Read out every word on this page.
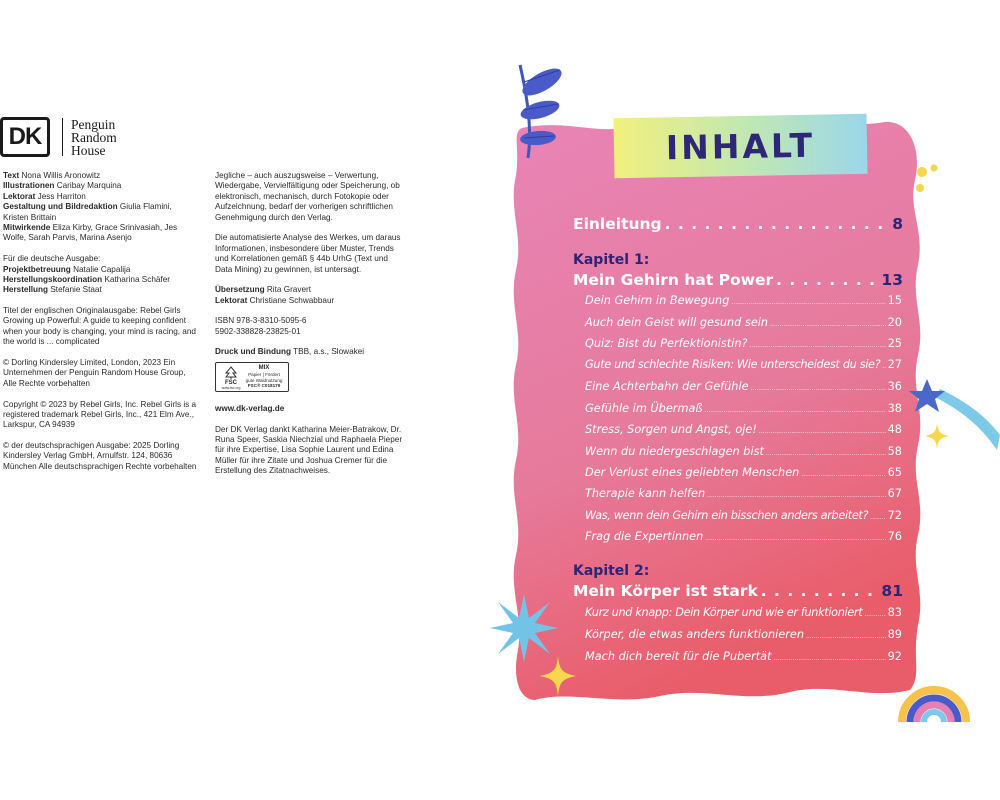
DK	Penguin
Random
House

Text Nona Willis Aronowitz
Illustrationen Caribay Marquina
Lektorat Jess Harriton
Gestaltung und Bildredaktion Giulia Flamini, Kristen Brittain
Mitwirkende Eliza Kirby, Grace Srinivasiah, Jes Wolfe, Sarah Parvis, Marina Asenjo

Für die deutsche Ausgabe:
Projektbetreuung Natalie Capalija
Herstellungskoordination Katharina Schäfer
Herstellung Stefanie Staat

Titel der englischen Originalausgabe: Rebel Girls Growing up Powerful: A guide to keeping confident when your body is changing, your mind is racing, and the world is ... complicated

© Dorling Kindersley Limited, London, 2023 Ein Unternehmen der Penguin Random House Group, Alle Rechte vorbehalten

Copyright © 2023 by Rebel Girls, Inc. Rebel Girls is a registered trademark Rebel Girls, Inc., 421 Elm Ave., Larkspur, CA 94939

© der deutschsprachigen Ausgabe: 2025 Dorling Kindersley Verlag GmbH, Arnulfstr. 124, 80636 München Alle deutschsprachigen Rechte vorbehalten

Jegliche – auch auszugsweise – Verwertung, Wiedergabe, Vervielfältigung oder Speicherung, ob elektronisch, mechanisch, durch Fotokopie oder Aufzeichnung, bedarf der vorherigen schriftlichen Genehmigung durch den Verlag.

Die automatisierte Analyse des Werkes, um daraus Informationen, insbesondere über Muster, Trends und Korrelationen gemäß § 44b UrhG (Text und Data Mining) zu gewinnen, ist untersagt.

Übersetzung Rita Gravert
Lektorat Christiane Schwabbaur

ISBN 978-3-8310-5095-6
5902-338828-23825-01

Druck und Bindung TBB, a.s., Slowakei

FSC
www.fsc.org
MIX
Papier | Fördert
gute Waldnutzung
FSC® C018179

www.dk-verlag.de

Der DK Verlag dankt Katharina Meier-Batrakow, Dr. Runa Speer, Saskia Niechzial und Raphaela Pieper für ihre Expertise, Lisa Sophie Laurent und Edina Müller für ihre Zitate und Joshua Cremer für die Erstellung des Zitatnachweises.

INHALT
Einleitung . . .	8
Kapitel 1:
Mein Gehirn hat Power . . .	13
Dein Gehirn in Bewegung .....	15
Auch dein Geist will gesund sein .....	20
Quiz: Bist du Perfektionistin? .....	25
Gute und schlechte Risiken: Wie unterscheidest du sie? ..... 27
Eine Achterbahn der Gefühle .....	36
Gefühle im Übermaß .....	38
Stress, Sorgen und Angst, oje! .....	48
Wenn du niedergeschlagen bist .....	58
Der Verlust eines geliebten Menschen .....	65
Therapie kann helfen .....	67
Was, wenn dein Gehirn ein bisschen anders arbeitet? ..... 72
Frag die Expertinnen .....	76
Kapitel 2:
Mein Körper ist stark . . .	81
Kurz und knapp: Dein Körper und wie er funktioniert ..... 83
Körper, die etwas anders funktionieren .....	89
Mach dich bereit für die Pubertät .....	92
